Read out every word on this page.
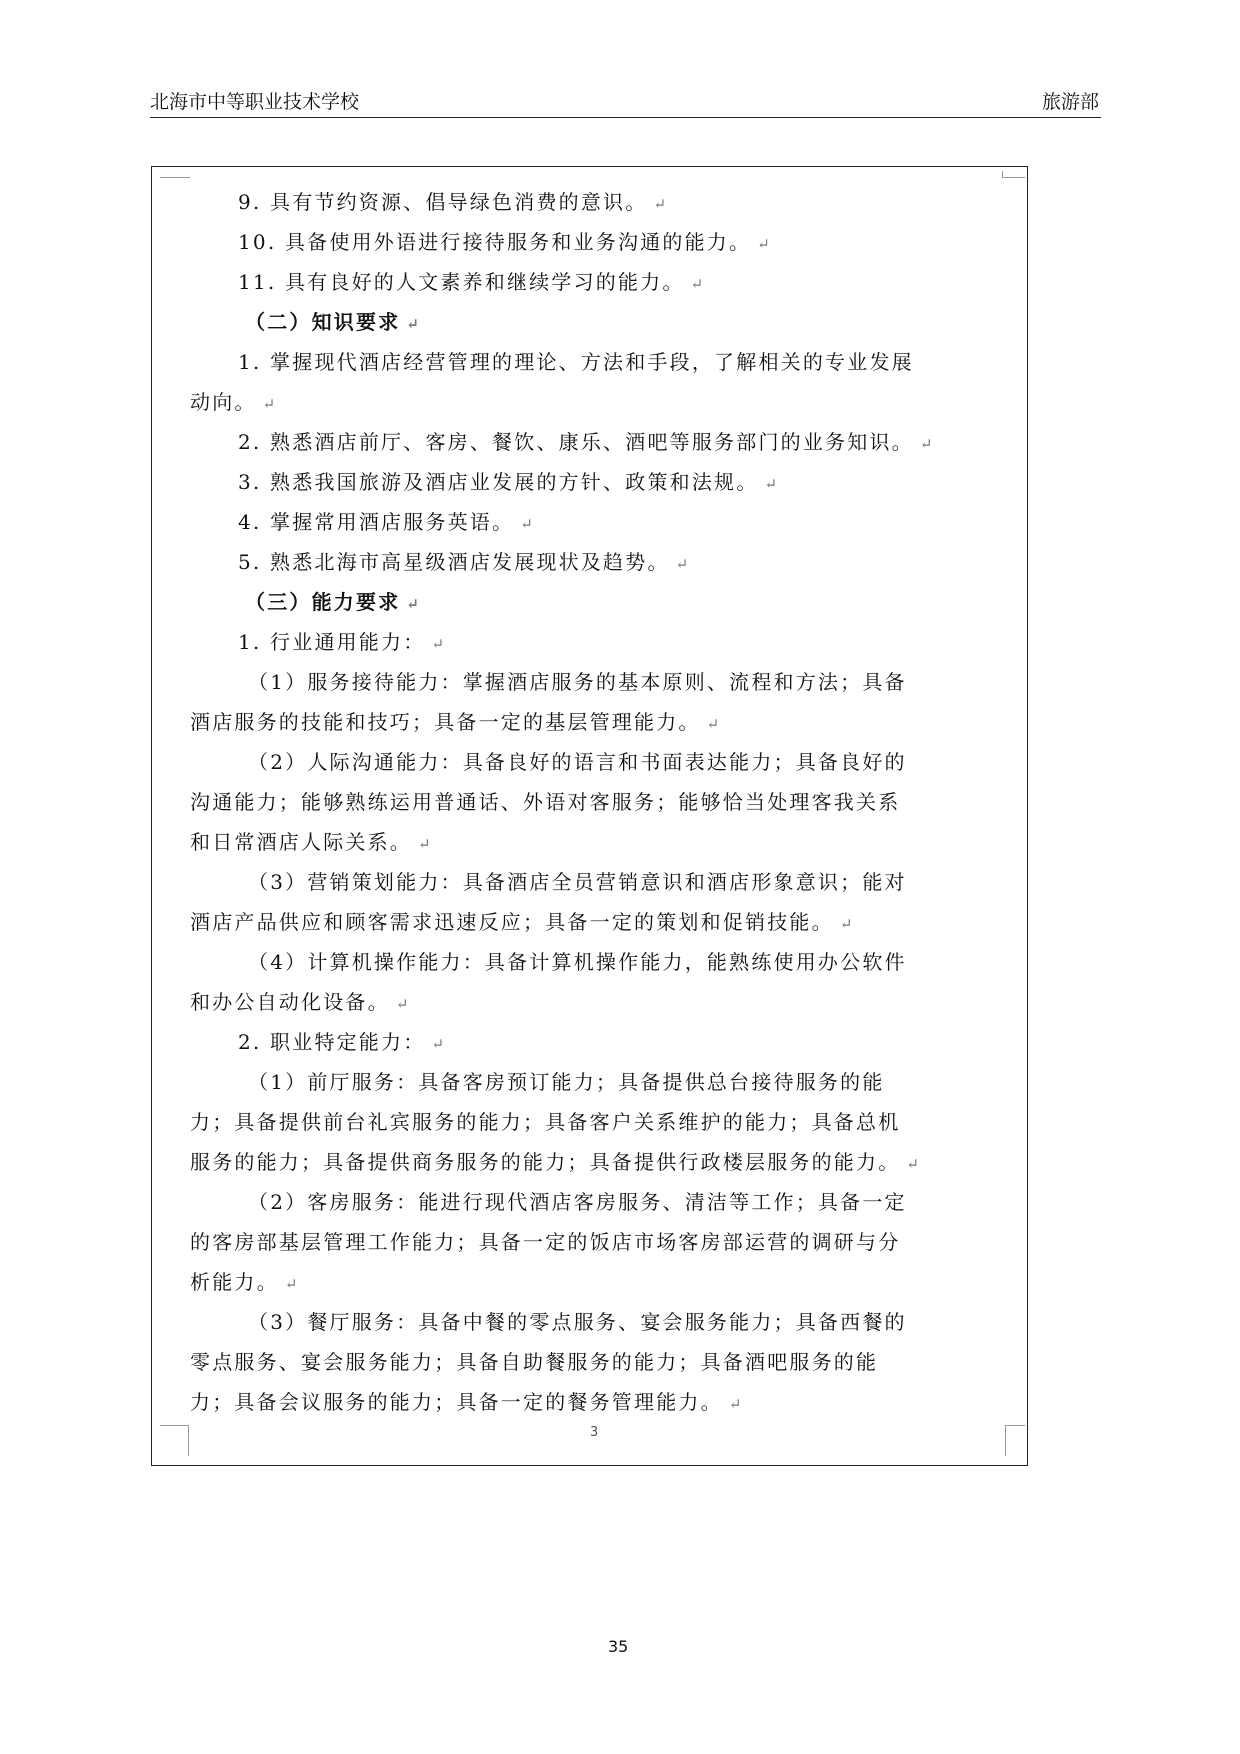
北海市中等职业技术学校	旅游部
9. 具有节约资源、倡导绿色消费的意识。 ↵
10. 具备使用外语进行接待服务和业务沟通的能力。 ↵
11. 具有良好的人文素养和继续学习的能力。 ↵
（二）知识要求 ↵
1. 掌握现代酒店经营管理的理论、方法和手段，了解相关的专业发展
动向。 ↵
2. 熟悉酒店前厅、客房、餐饮、康乐、酒吧等服务部门的业务知识。 ↵
3. 熟悉我国旅游及酒店业发展的方针、政策和法规。 ↵
4. 掌握常用酒店服务英语。 ↵
5. 熟悉北海市高星级酒店发展现状及趋势。 ↵
（三）能力要求 ↵
1. 行业通用能力： ↵
（1）服务接待能力：掌握酒店服务的基本原则、流程和方法；具备
酒店服务的技能和技巧；具备一定的基层管理能力。 ↵
（2）人际沟通能力：具备良好的语言和书面表达能力；具备良好的
沟通能力；能够熟练运用普通话、外语对客服务；能够恰当处理客我关系
和日常酒店人际关系。 ↵
（3）营销策划能力：具备酒店全员营销意识和酒店形象意识；能对
酒店产品供应和顾客需求迅速反应；具备一定的策划和促销技能。 ↵
（4）计算机操作能力：具备计算机操作能力，能熟练使用办公软件
和办公自动化设备。 ↵
2. 职业特定能力： ↵
（1）前厅服务：具备客房预订能力；具备提供总台接待服务的能
力；具备提供前台礼宾服务的能力；具备客户关系维护的能力；具备总机
服务的能力；具备提供商务服务的能力；具备提供行政楼层服务的能力。 ↵
（2）客房服务：能进行现代酒店客房服务、清洁等工作；具备一定
的客房部基层管理工作能力；具备一定的饭店市场客房部运营的调研与分
析能力。 ↵
（3）餐厅服务：具备中餐的零点服务、宴会服务能力；具备西餐的
零点服务、宴会服务能力；具备自助餐服务的能力；具备酒吧服务的能
力；具备会议服务的能力；具备一定的餐务管理能力。 ↵
3
35
